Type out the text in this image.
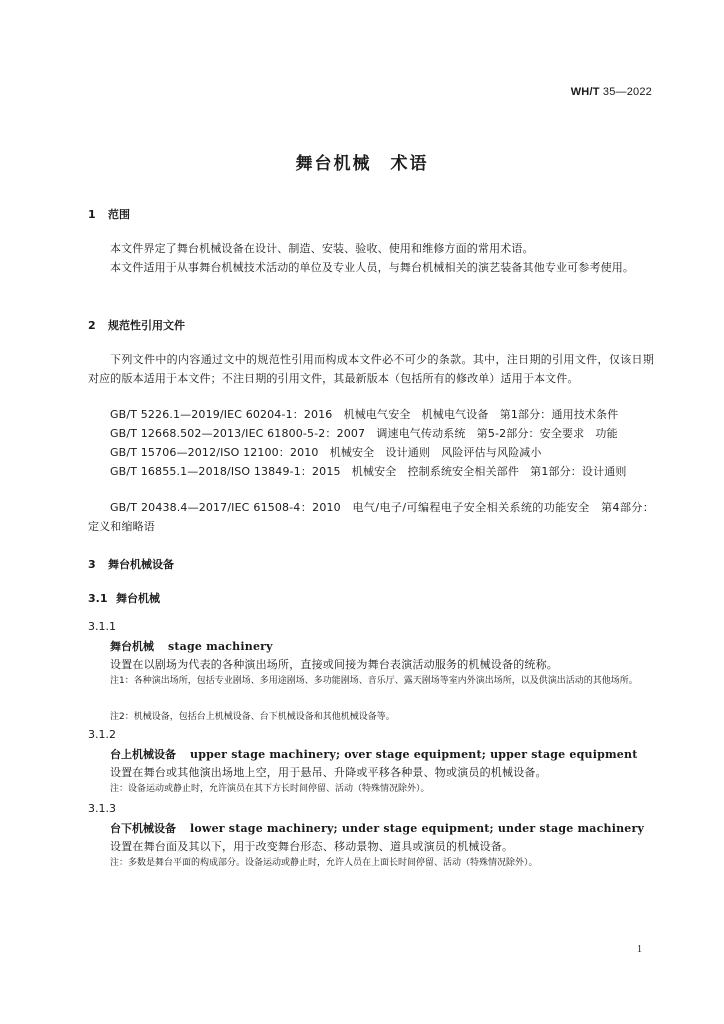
WH/T 35—2022
舞台机械　术语
1 范围
本文件界定了舞台机械设备在设计、制造、安装、验收、使用和维修方面的常用术语。
本文件适用于从事舞台机械技术活动的单位及专业人员，与舞台机械相关的演艺装备其他专业可参考使用。
2 规范性引用文件
下列文件中的内容通过文中的规范性引用而构成本文件必不可少的条款。其中，注日期的引用文件，仅该日期对应的版本适用于本文件；不注日期的引用文件，其最新版本（包括所有的修改单）适用于本文件。
GB/T 5226.1—2019/IEC 60204-1：2016　机械电气安全　机械电气设备　第1部分：通用技术条件
GB/T 12668.502—2013/IEC 61800-5-2：2007　调速电气传动系统　第5-2部分：安全要求　功能
GB/T 15706—2012/ISO 12100：2010　机械安全　设计通则　风险评估与风险减小
GB/T 16855.1—2018/ISO 13849-1：2015　机械安全　控制系统安全相关部件　第1部分：设计通则
GB/T 20438.4—2017/IEC 61508-4：2010　电气/电子/可编程电子安全相关系统的功能安全　第4部分：定义和缩略语
3 舞台机械设备
3.1 舞台机械
3.1.1
舞台机械 stage machinery
设置在以剧场为代表的各种演出场所，直接或间接为舞台表演活动服务的机械设备的统称。
注1：各种演出场所，包括专业剧场、多用途剧场、多功能剧场、音乐厅、露天剧场等室内外演出场所，以及供演出活动的其他场所。
注2：机械设备，包括台上机械设备、台下机械设备和其他机械设备等。
3.1.2
台上机械设备 upper stage machinery; over stage equipment; upper stage equipment
设置在舞台或其他演出场地上空，用于悬吊、升降或平移各种景、物或演员的机械设备。
注：设备运动或静止时，允许演员在其下方长时间停留、活动（特殊情况除外）。
3.1.3
台下机械设备 lower stage machinery; under stage equipment; under stage machinery
设置在舞台面及其以下，用于改变舞台形态、移动景物、道具或演员的机械设备。
注：多数是舞台平面的构成部分。设备运动或静止时，允许人员在上面长时间停留、活动（特殊情况除外）。
1
